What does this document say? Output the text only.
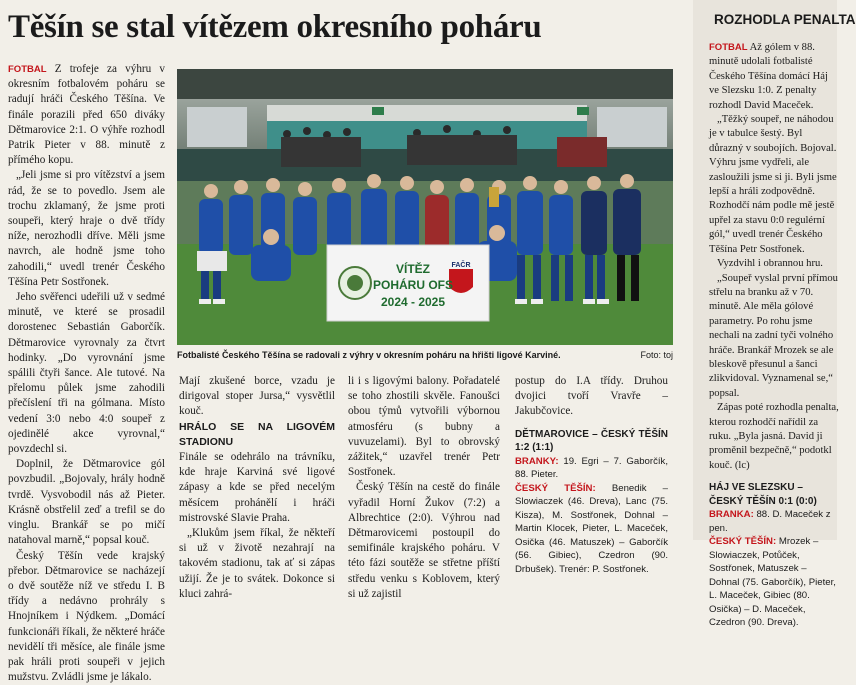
Těšín se stal vítězem okresního poháru

FOTBAL Z trofeje za výhru v okresním fotbalovém poháru se radují hráči Českého Těšína. Ve finále porazili před 650 diváky Dětmarovice 2:1. O výhře rozhodl Patrik Pieter v 88. minutě z přímého kopu.

„Jeli jsme si pro vítězství a jsem rád, že se to povedlo. Jsem ale trochu zklamaný, že jsme proti soupeři, který hraje o dvě třídy níže, nerozhodli dříve. Měli jsme navrch, ale hodně jsme toho zahodili,“ uvedl trenér Českého Těšína Petr Sostřonek.

Jeho svěřenci udeřili už v sedmé minutě, ve které se prosadil dorostenec Sebastián Gaborčík. Dětmarovice vyrovnaly za čtvrt hodinky. „Do vyrovnání jsme spálili čtyři šance. Ale tutové. Na přelomu půlek jsme zahodili přečíslení tři na gólmana. Místo vedení 3:0 nebo 4:0 soupeř z ojedinělé akce vyrovnal,“ povzdechl si.

Doplnil, že Dětmarovice gól povzbudil. „Bojovaly, hrály hodně tvrdě. Vysvobodil nás až Pieter. Krásně obstřelil zeď a trefil se do vinglu. Brankář se po mičí natahoval marně,“ popsal kouč.

Český Těšín vede krajský přebor. Dětmarovice se nacházejí o dvě soutěže níž ve středu I. B třídy a nedávno prohrály s Hnojníkem i Nýdkem. „Domácí funkcionáři říkali, že některé hráče nevidělí tři měsíce, ale finále jsme pak hráli proti soupeři v jejich mužstvu. Zvládli jsme je lákalo.

FAČR
VÍTĚZ
POHÁRU OFS
2024 - 2025
Fotbalisté Českého Těšína se radovali z výhry v okresním poháru na hřišti ligové Karviné.	Foto: toj

Mají zkušené borce, vzadu je dirigoval stoper Jursa,“ vysvětlil kouč.

HRÁLO SE NA LIGOVÉM STADIONU

Finále se odehrálo na trávníku, kde hraje Karviná své ligové zápasy a kde se před necelým měsícem prohánělí i hráči mistrovské Slavie Praha.

„Klukům jsem říkal, že někteří si už v životě nezahrají na takovém stadionu, tak ať si zápas užijí. Že je to svátek. Dokonce si kluci zahrá-

li i s ligovými balony. Pořadatelé se toho zhostili skvěle. Fanoušci obou týmů vytvořili výbornou atmosféru (s bubny a vuvuzelami). Byl to obrovský zážitek,“ uzavřel trenér Petr Sostřonek.

Český Těšín na cestě do finále vyřadil Horní Žukov (7:2) a Albrechtice (2:0). Výhrou nad Dětmarovicemi postoupil do semifinále krajského poháru. V této fázi soutěže se střetne příští středu venku s Koblovem, který si už zajistil

postup do I.A třídy. Druhou dvojici tvoří Vravře – Jakubčovice.

DĚTMAROVICE – ČESKÝ TĚŠÍN 1:2 (1:1)
BRANKY: 19. Egri – 7. Gaborčík, 88. Pieter.
ČESKÝ TĚŠÍN: Benedik – Slowiaczek (46. Dreva), Lanc (75. Kisza), M. Sostřonek, Dohnal – Martin Klocek, Pieter, L. Maceček, Osička (46. Matuszek) – Gaborčík (56. Gibiec), Czedron (90. Drbušek). Trenér: P. Sostřonek.
ROZHODLA PENALTA

FOTBAL Až gólem v 88. minutě udolali fotbalisté Českého Těšína domácí Háj ve Slezsku 1:0. Z penalty rozhodl David Maceček.

„Těžký soupeř, ne náhodou je v tabulce šestý. Byl důrazný v soubojích. Bojoval. Výhru jsme vydřeli, ale zasloužili jsme si ji. Byli jsme lepší a hráli zodpovědně. Rozhodčí nám podle mě jestě upřel za stavu 0:0 regulérní gól,“ uvedl trenér Českého Těšína Petr Sostřonek.

Vyzdvihl i obrannou hru.

„Soupeř vyslal první přímou střelu na branku až v 70. minutě. Ale měla gólové parametry. Po rohu jsme nechali na zadní tyči volného hráče. Brankář Mrozek se ale bleskově přesunul a šanci zlikvidoval. Vyznamenal se,“ popsal.

Zápas poté rozhodla penalta, kterou rozhodčí nařídil za ruku. „Byla jasná. David ji proměnil bezpečně,“ podotkl kouč. (lc)

HÁJ VE SLEZSKU – ČESKÝ TĚŠÍN 0:1 (0:0)
BRANKA: 88. D. Maceček z pen.
ČESKÝ TĚŠÍN: Mrozek – Slowiaczek, Potůček, Sostřonek, Matuszek – Dohnal (75. Gaborčík), Pieter, L. Maceček, Gibiec (80. Osička) – D. Maceček, Czedron (90. Dreva).
